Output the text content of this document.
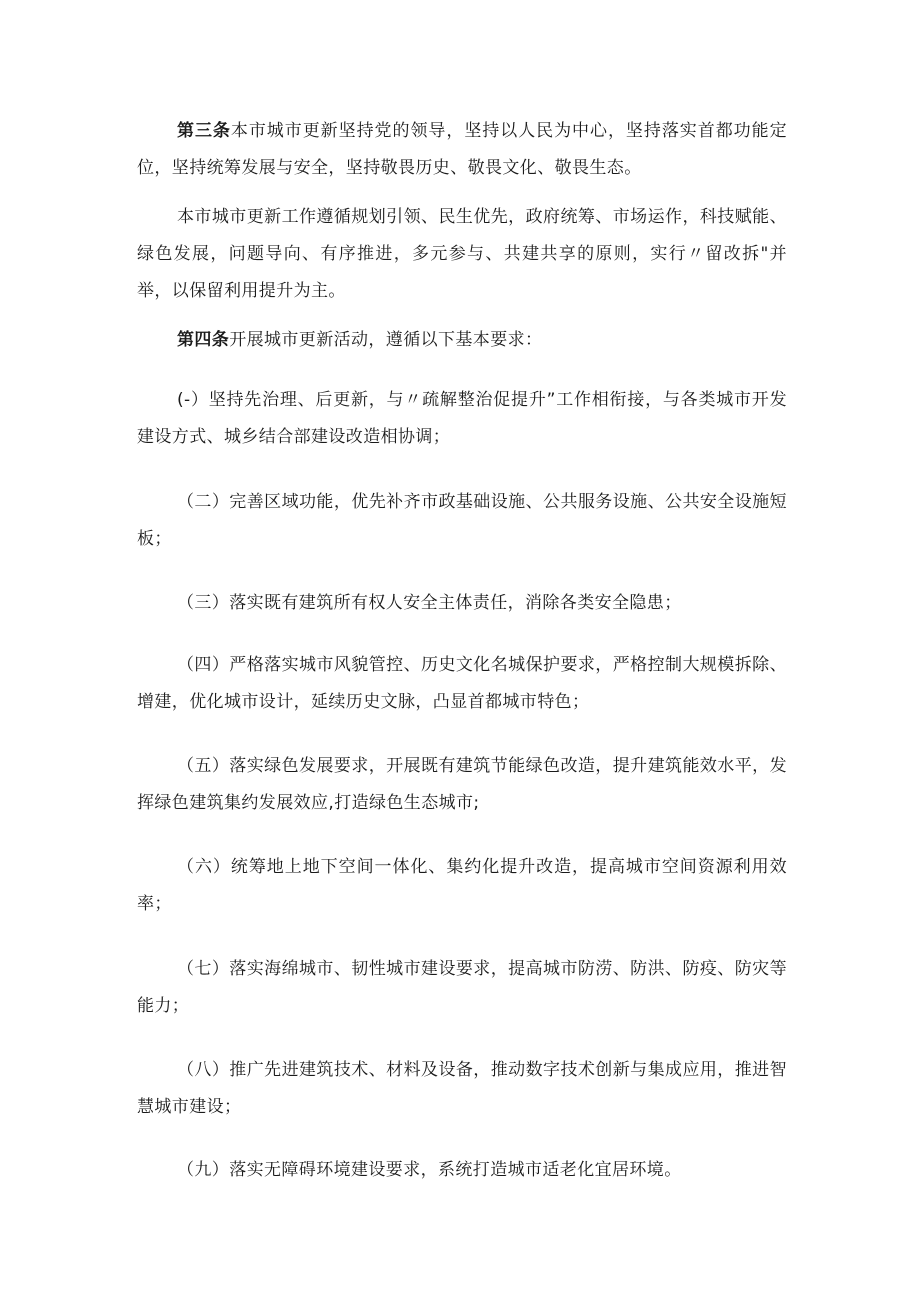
第三条本市城市更新坚持党的领导，坚持以人民为中心，坚持落实首都功能定位，坚持统筹发展与安全，坚持敬畏历史、敬畏文化、敬畏生态。

本市城市更新工作遵循规划引领、民生优先，政府统筹、市场运作，科技赋能、绿色发展，问题导向、有序推进，多元参与、共建共享的原则，实行〃留改拆"并举，以保留利用提升为主。

第四条开展城市更新活动，遵循以下基本要求：

(-）坚持先治理、后更新，与〃疏解整治促提升”工作相衔接，与各类城市开发建设方式、城乡结合部建设改造相协调；

（二）完善区域功能，优先补齐市政基础设施、公共服务设施、公共安全设施短板；

（三）落实既有建筑所有权人安全主体责任，消除各类安全隐患；

（四）严格落实城市风貌管控、历史文化名城保护要求，严格控制大规模拆除、增建，优化城市设计，延续历史文脉，凸显首都城市特色；

（五）落实绿色发展要求，开展既有建筑节能绿色改造，提升建筑能效水平，发挥绿色建筑集约发展效应,打造绿色生态城市;

（六）统筹地上地下空间一体化、集约化提升改造，提高城市空间资源利用效率；

（七）落实海绵城市、韧性城市建设要求，提高城市防涝、防洪、防疫、防灾等能力；

（八）推广先进建筑技术、材料及设备，推动数字技术创新与集成应用，推进智慧城市建设；

（九）落实无障碍环境建设要求，系统打造城市适老化宜居环境。
